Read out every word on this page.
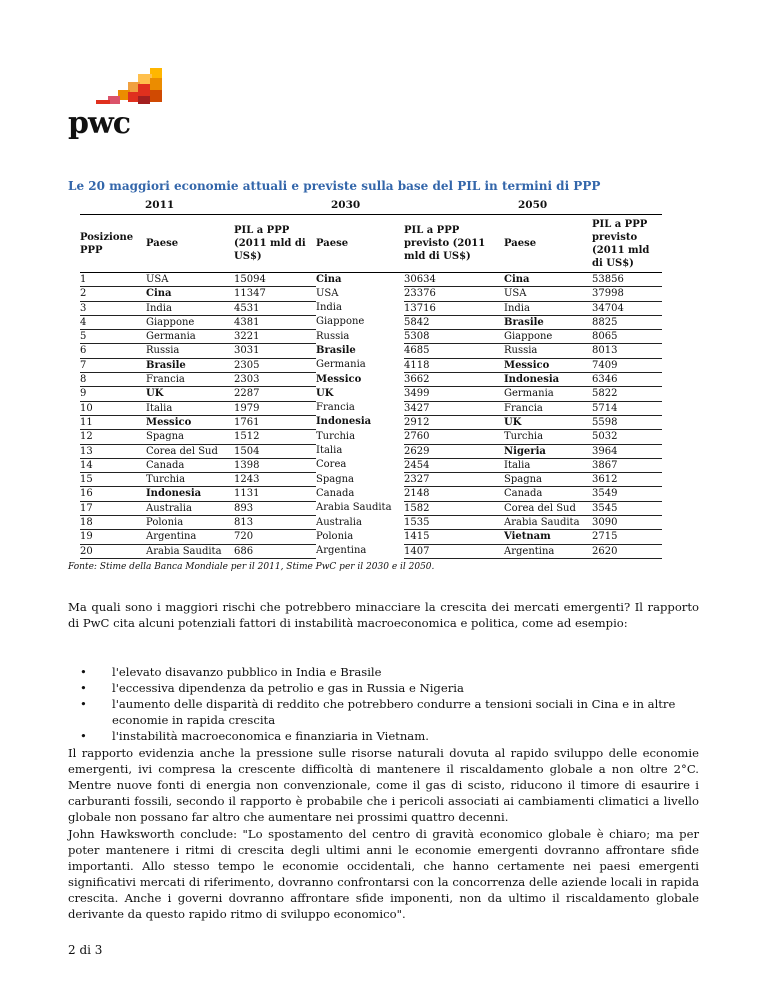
pwc
Le 20 maggiori economie attuali e previste sulla base del PIL in termini di PPP
2011	2030	2050
Posizione PPP	Paese	PIL a PPP (2011 mld di US$)	Paese	PIL a PPP previsto (2011 mld di US$)	Paese	PIL a PPP previsto (2011 mld di US$)
1	USA	15094	Cina	30634	Cina	53856
2	Cina	11347	USA	23376	USA	37998
3	India	4531	India	13716	India	34704
4	Giappone	4381	Giappone	5842	Brasile	8825
5	Germania	3221	Russia	5308	Giappone	8065
6	Russia	3031	Brasile	4685	Russia	8013
7	Brasile	2305	Germania	4118	Messico	7409
8	Francia	2303	Messico	3662	Indonesia	6346
9	UK	2287	UK	3499	Germania	5822
10	Italia	1979	Francia	3427	Francia	5714
11	Messico	1761	Indonesia	2912	UK	5598
12	Spagna	1512	Turchia	2760	Turchia	5032
13	Corea del Sud	1504	Italia	2629	Nigeria	3964
14	Canada	1398	Corea	2454	Italia	3867
15	Turchia	1243	Spagna	2327	Spagna	3612
16	Indonesia	1131	Canada	2148	Canada	3549
17	Australia	893	Arabia Saudita	1582	Corea del Sud	3545
18	Polonia	813	Australia	1535	Arabia Saudita	3090
19	Argentina	720	Polonia	1415	Vietnam	2715
20	Arabia Saudita	686	Argentina	1407	Argentina	2620
Fonte: Stime della Banca Mondiale per il 2011, Stime PwC per il 2030 e il 2050.

Ma quali sono i maggiori rischi che potrebbero minacciare la crescita dei mercati emergenti? Il rapporto di PwC cita alcuni potenziali fattori di instabilità macroeconomica e politica, come ad esempio:

• l'elevato disavanzo pubblico in India e Brasile
• l'eccessiva dipendenza da petrolio e gas in Russia e Nigeria
• l'aumento delle disparità di reddito che potrebbero condurre a tensioni sociali in Cina e in altre economie in rapida crescita
• l'instabilità macroeconomica e finanziaria in Vietnam.

Il rapporto evidenzia anche la pressione sulle risorse naturali dovuta al rapido sviluppo delle economie emergenti, ivi compresa la crescente difficoltà di mantenere il riscaldamento globale a non oltre 2°C. Mentre nuove fonti di energia non convenzionale, come il gas di scisto, riducono il timore di esaurire i carburanti fossili, secondo il rapporto è probabile che i pericoli associati ai cambiamenti climatici a livello globale non possano far altro che aumentare nei prossimi quattro decenni.

John Hawksworth conclude: "Lo spostamento del centro di gravità economico globale è chiaro; ma per poter mantenere i ritmi di crescita degli ultimi anni le economie emergenti dovranno affrontare sfide importanti. Allo stesso tempo le economie occidentali, che hanno certamente nei paesi emergenti significativi mercati di riferimento, dovranno confrontarsi con la concorrenza delle aziende locali in rapida crescita. Anche i governi dovranno affrontare sfide imponenti, non da ultimo il riscaldamento globale derivante da questo rapido ritmo di sviluppo economico".

2 di 3
